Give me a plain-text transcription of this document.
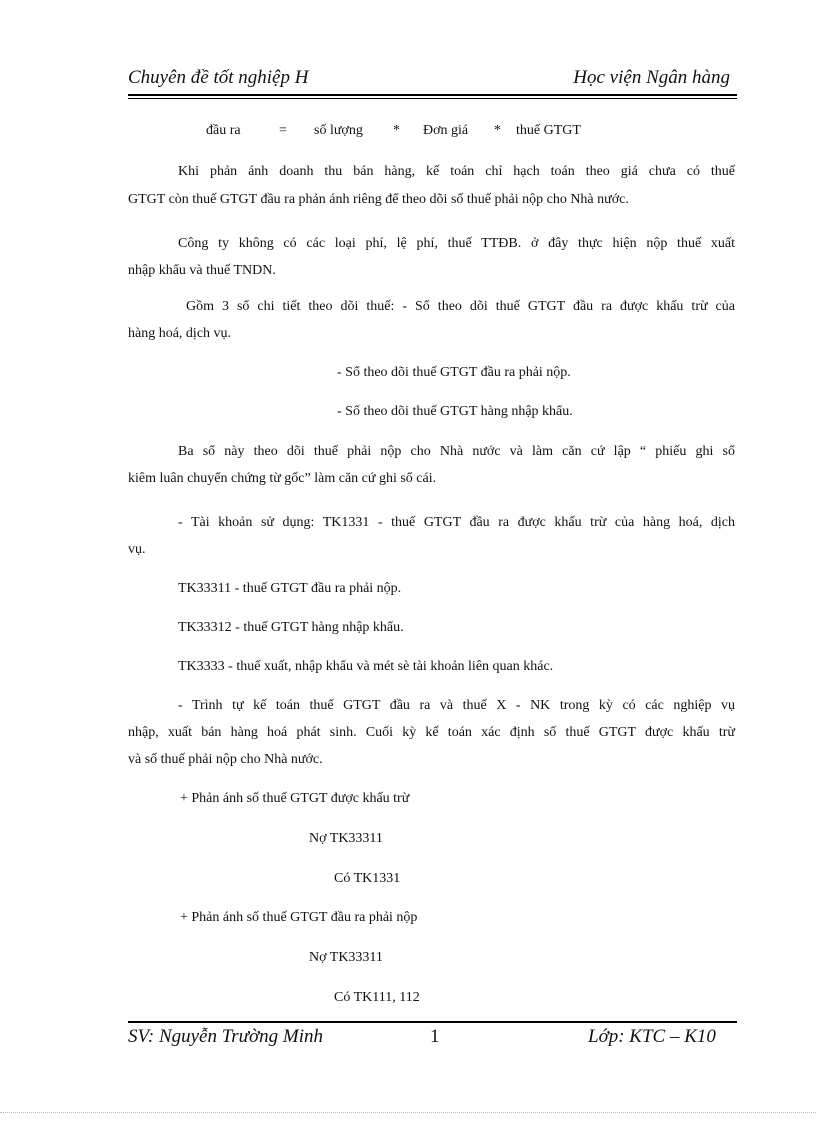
Chuyên đề tốt nghiệp H	Học viện Ngân hàng
đầu ra	= số lượng * Đơn giá * thuế GTGT
Khi phản ánh doanh thu bán hàng, kế toán chỉ hạch toán theo giá chưa có thuế
GTGT còn thuế GTGT đầu ra phản ánh riêng để theo dõi số thuế phải nộp cho Nhà nước.
Công ty không có các loại phí, lệ phí, thuế TTĐB. ở đây thực hiện nộp thuế xuất
nhập khẩu và thuế TNDN.
Gồm 3 sổ chi tiết theo dõi thuế: - Sổ theo dõi thuế GTGT đầu ra được khấu trừ của
hàng hoá, dịch vụ.
- Sổ theo dõi thuế GTGT đầu ra phải nộp.
- Sổ theo dõi thuế GTGT hàng nhập khẩu.
Ba sổ này theo dõi thuế phải nộp cho Nhà nước và làm căn cứ lập “ phiếu ghi sổ
kiêm luân chuyển chứng từ gốc” làm căn cứ ghi sổ cái.
- Tài khoản sử dụng: TK1331 - thuế GTGT đầu ra được khấu trừ của hàng hoá, dịch
vụ.
TK33311 - thuế GTGT đầu ra phải nộp.
TK33312 - thuế GTGT hàng nhập khẩu.
TK3333 - thuế xuất, nhập khẩu và mét sè tài khoản liên quan khác.
- Trình tự kế toán thuế GTGT đầu ra và thuế X - NK trong kỳ có các nghiệp vụ
nhập, xuất bán hàng hoá phát sinh. Cuối kỳ kế toán xác định số thuế GTGT được khấu trừ
và số thuế phải nộp cho Nhà nước.
+ Phản ánh số thuế GTGT được khấu trừ
Nợ TK33311
Có TK1331
+ Phản ánh số thuế GTGT đầu ra phải nộp
Nợ TK33311
Có TK111, 112
SV: Nguyễn Trường Minh	1	Lớp: KTC – K10
